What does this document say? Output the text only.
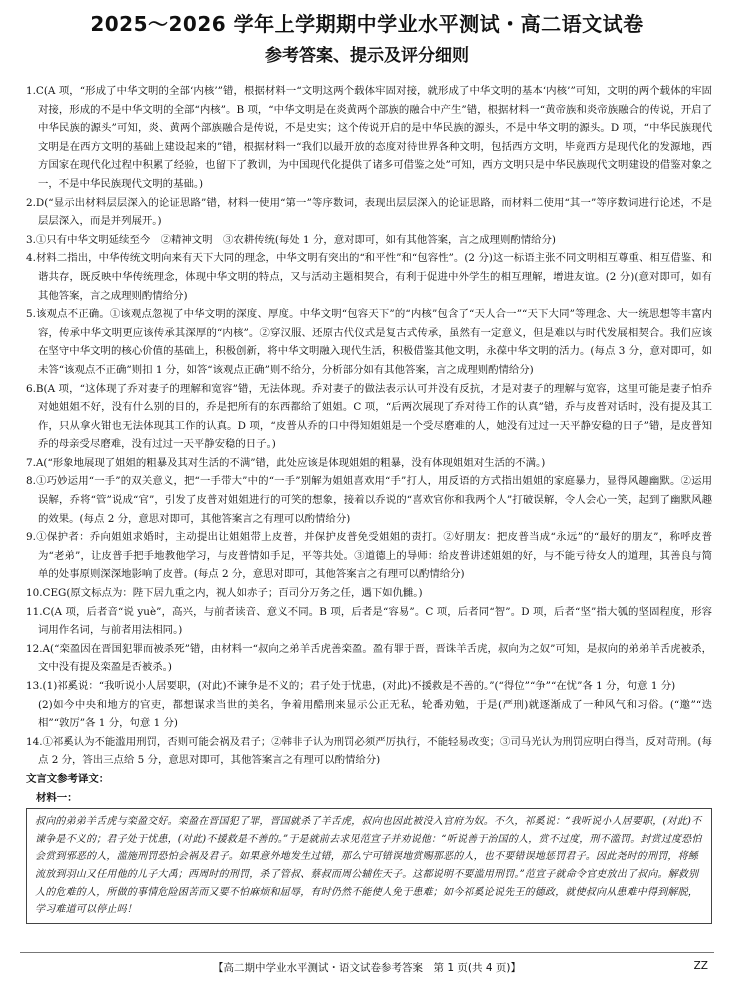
2025～2026 学年上学期期中学业水平测试・高二语文试卷
参考答案、提示及评分细则

1.C(A 项，“形成了中华文明的全部‘内核’”错，根据材料一“文明这两个载体牢固对接，就形成了中华文明的基本‘内核’”可知，文明的两个载体的牢固对接，形成的不是中华文明的全部“内核”。B 项，“中华文明是在炎黄两个部族的融合中产生”错，根据材料一“黄帝族和炎帝族融合的传说，开启了中华民族的源头”可知，炎、黄两个部族融合是传说，不是史实；这个传说开启的是中华民族的源头，不是中华文明的源头。D 项，“中华民族现代文明是在西方文明的基础上建设起来的”错，根据材料一“我们以最开放的态度对待世界各种文明，包括西方文明，毕竟西方是现代化的发源地，西方国家在现代化过程中积累了经验，也留下了教训，为中国现代化提供了诸多可借鉴之处”可知，西方文明只是中华民族现代文明建设的借鉴对象之一，不是中华民族现代文明的基础。)

2.D(“显示出材料层层深入的论证思路”错，材料一使用“第一”等序数词，表现出层层深入的论证思路，而材料二使用“其一”等序数词进行论述，不是层层深入，而是并列展开。)

3.①只有中华文明延续至今　②精神文明　③农耕传统(每处 1 分，意对即可，如有其他答案，言之成理则酌情给分)

4.材料二指出，中华传统文明向来有天下大同的理念，中华文明有突出的“和平性”和“包容性”。(2 分)这一标语主张不同文明相互尊重、相互借鉴、和谐共存，既反映中华传统理念，体现中华文明的特点，又与活动主题相契合，有利于促进中外学生的相互理解，增进友谊。(2 分)(意对即可，如有其他答案，言之成理则酌情给分)

5.该观点不正确。①该观点忽视了中华文明的深度、厚度。中华文明“包容天下”的“内核”包含了“天人合一”“天下大同”等理念、大一统思想等丰富内容，传承中华文明更应该传承其深厚的“内核”。②穿汉服、还原古代仪式是复古式传承，虽然有一定意义，但是难以与时代发展相契合。我们应该在坚守中华文明的核心价值的基础上，积极创新，将中华文明融入现代生活，积极借鉴其他文明，永葆中华文明的活力。(每点 3 分，意对即可，如未答“该观点不正确”则扣 1 分，如答“该观点正确”则不给分，分析部分如有其他答案，言之成理则酌情给分)

6.B(A 项，“这体现了乔对妻子的理解和宽容”错，无法体现。乔对妻子的做法表示认可并没有反抗，才是对妻子的理解与宽容，这里可能是妻子怕乔对她姐姐不好，没有什么别的目的，乔是把所有的东西都给了姐姐。C 项，“后两次展现了乔对待工作的认真”错，乔与皮普对话时，没有提及其工作，只从拿火钳也无法体现其工作的认真。D 项，“皮普从乔的口中得知姐姐是一个受尽磨难的人，她没有过过一天平静安稳的日子”错，是皮普知乔的母亲受尽磨难，没有过过一天平静安稳的日子。)

7.A(“形象地展现了姐姐的粗暴及其对生活的不满”错，此处应该是体现姐姐的粗暴，没有体现姐姐对生活的不满。)

8.①巧妙运用“一手”的双关意义，把“一手带大”中的“一手”别解为姐姐喜欢用“手”打人，用反语的方式指出姐姐的家庭暴力，显得风趣幽默。②运用误解，乔将“管”说成“官”，引发了皮普对姐姐进行的可笑的想象，接着以乔说的“喜欢官你和我两个人”打破误解，令人会心一笑，起到了幽默风趣的效果。(每点 2 分，意思对即可，其他答案言之有理可以酌情给分)

9.①保护者：乔向姐姐求婚时，主动提出让姐姐带上皮普，并保护皮普免受姐姐的责打。②好朋友：把皮普当成“永远”的“最好的朋友”，称呼皮普为“老弟”，让皮普手把手地教他学习，与皮普情如手足，平等共处。③道德上的导师：给皮普讲述姐姐的好，与不能亏待女人的道理，其善良与简单的处事原则深深地影响了皮普。(每点 2 分，意思对即可，其他答案言之有理可以酌情给分)

10.CEG(原文标点为：陛下居九重之内，视人如赤子；百司分万务之任，遇下如仇雠。)

11.C(A 项，后者音“说 yuè”，高兴，与前者读音、意义不同。B 项，后者是“容易”。C 项，后者同“智”。D 项，后者“坚”指大瓠的坚固程度，形容词用作名词，与前者用法相同。)

12.A(“栾盈因在晋国犯罪而被杀死”错，由材料一“叔向之弟羊舌虎善栾盈。盈有罪于晋，晋诛羊舌虎，叔向为之奴”可知，是叔向的弟弟羊舌虎被杀，文中没有提及栾盈是否被杀。)

13.(1)祁奚说：“我听说小人居要职，(对此)不谏争是不义的；君子处于忧患，(对此)不援救是不善的。”(“得位”“争”“在忧”各 1 分，句意 1 分)

(2)如今中央和地方的官吏，都想谋求当世的美名，争着用酷刑来显示公正无私，轮番劝勉，于是(严刑)就逐渐成了一种风气和习俗。(“邀”“迭相”“敦厉”各 1 分，句意 1 分)

14.①祁奚认为不能滥用刑罚，否则可能会祸及君子；②韩非子认为刑罚必须严厉执行，不能轻易改变；③司马光认为刑罚应明白得当，反对苛刑。(每点 2 分，答出三点给 5 分，意思对即可，其他答案言之有理可以酌情给分)

文言文参考译文：

材料一：

叔向的弟弟羊舌虎与栾盈交好。栾盈在晋国犯了罪，晋国就杀了羊舌虎，叔向也因此被没入官府为奴。不久，祁奚说：“我听说小人居要职，(对此)不谏争是不义的；君子处于忧患，(对此)不援救是不善的。”于是就前去求见范宣子并劝说他：“听说善于治国的人，赏不过度，刑不滥罚。封赏过度恐怕会赏到邪恶的人，滥施刑罚恐怕会祸及君子。如果意外地发生过错，那么宁可错误地赏赐那恶的人，也不要错误地惩罚君子。因此尧时的刑罚，将鲧流放到羽山又任用他的儿子大禹；西周时的刑罚，杀了管叔、蔡叔而周公辅佐天子。这都说明不要滥用刑罚。”范宣子就命令官吏放出了叔向。解救别人的危难的人，所做的事情危险困苦而又要不怕麻烦和屈辱，有时仍然不能使人免于患难；如今祁奚论说先王的德政，就使叔向从患难中得到解脱，学习难道可以停止吗！
【高二期中学业水平测试・语文试卷参考答案　第 1 页(共 4 页)】	ZZ
